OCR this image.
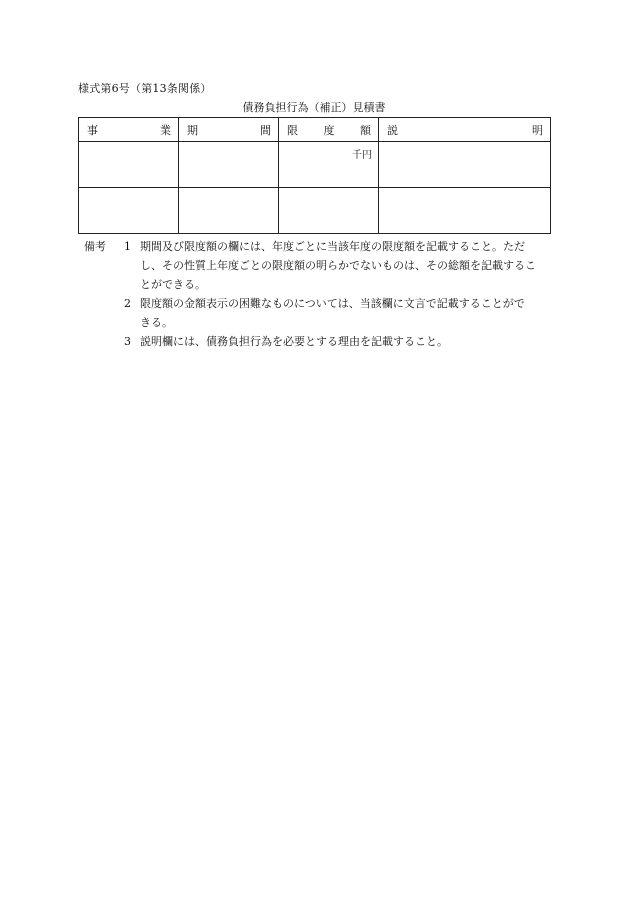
様式第6号（第13条関係）
債務負担行為（補正）見積書
事 業	期 間	限 度 額	説 明

		千円	

備考	1 期間及び限度額の欄には、年度ごとに当該年度の限度額を記載すること。ただ
し、その性質上年度ごとの限度額の明らかでないものは、その総額を記載するこ
とができる。
2 限度額の金額表示の困難なものについては、当該欄に文言で記載することがで
きる。
3 説明欄には、債務負担行為を必要とする理由を記載すること。
